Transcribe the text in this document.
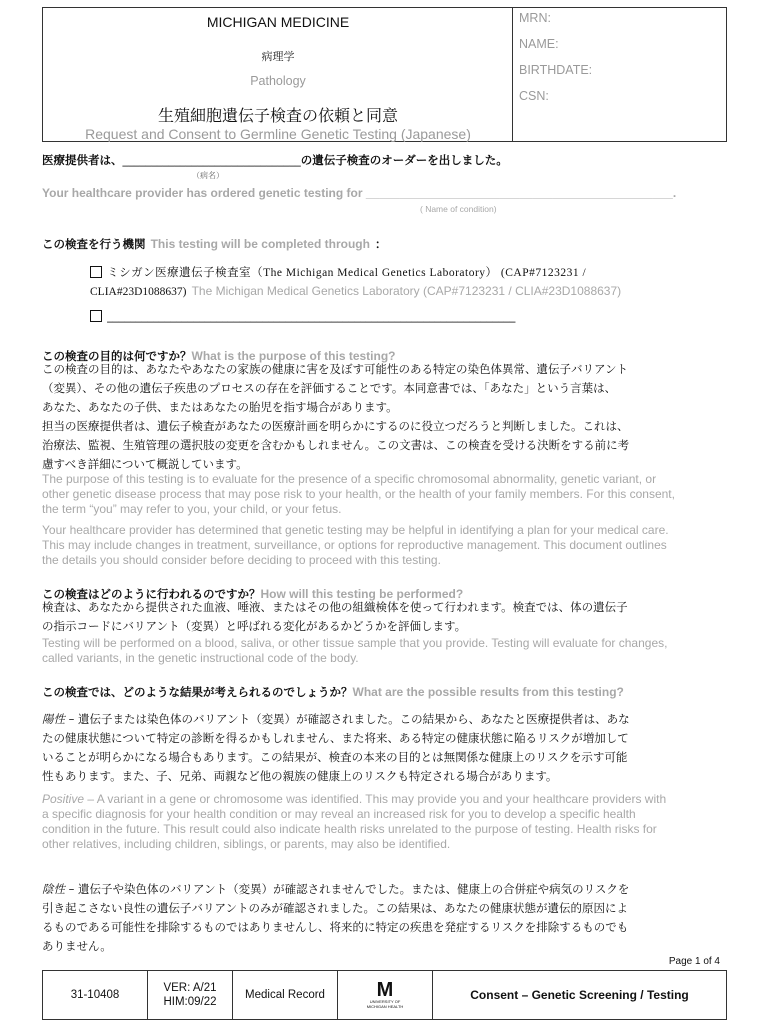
MICHIGAN MEDICINE
病理学
Pathology
生殖細胞遺伝子検査の依頼と同意
Request and Consent to Germline Genetic Testing (Japanese)
MRN:
NAME:
BIRTHDATE:
CSN:
医療提供者は、_______________________________の遺伝子検査のオーダーを出しました。
（病名）
Your healthcare provider has ordered genetic testing for ______________________________________________.
( Name of condition)
この検査を行う機関 This testing will be completed through ：
ミシガン医療遺伝子検査室（The Michigan Medical Genetics Laboratory） (CAP#7123231 /
CLIA#23D1088637) The Michigan Medical Genetics Laboratory (CAP#7123231 / CLIA#23D1088637)
_______________________________________________________________________
この検査の目的は何ですか？What is the purpose of this testing?
この検査の目的は、あなたやあなたの家族の健康に害を及ぼす可能性のある特定の染色体異常、遺伝子バリアント
（変異）、その他の遺伝子疾患のプロセスの存在を評価することです。本同意書では、「あなた」という言葉は、
あなた、あなたの子供、またはあなたの胎児を指す場合があります。
担当の医療提供者は、遺伝子検査があなたの医療計画を明らかにするのに役立つだろうと判断しました。これは、
治療法、監視、生殖管理の選択肢の変更を含むかもしれません。この文書は、この検査を受ける決断をする前に考
慮すべき詳細について概説しています。
The purpose of this testing is to evaluate for the presence of a specific chromosomal abnormality, genetic variant, or
other genetic disease process that may pose risk to your health, or the health of your family members. For this consent,
the term “you” may refer to you, your child, or your fetus.
Your healthcare provider has determined that genetic testing may be helpful in identifying a plan for your medical care.
This may include changes in treatment, surveillance, or options for reproductive management. This document outlines
the details you should consider before deciding to proceed with this testing.
この検査はどのように行われるのですか？How will this testing be performed?
検査は、あなたから提供された血液、唾液、またはその他の組織検体を使って行われます。検査では、体の遺伝子
の指示コードにバリアント（変異）と呼ばれる変化があるかどうかを評価します。
Testing will be performed on a blood, saliva, or other tissue sample that you provide. Testing will evaluate for changes,
called variants, in the genetic instructional code of the body.
この検査では、どのような結果が考えられるのでしょうか？What are the possible results from this testing?
陽性 – 遺伝子または染色体のバリアント（変異）が確認されました。この結果から、あなたと医療提供者は、あな
たの健康状態について特定の診断を得るかもしれません、また将来、ある特定の健康状態に陥るリスクが増加して
いることが明らかになる場合もあります。この結果が、検査の本来の目的とは無関係な健康上のリスクを示す可能
性もあります。また、子、兄弟、両親など他の親族の健康上のリスクも特定される場合があります。
Positive – A variant in a gene or chromosome was identified. This may provide you and your healthcare providers with
a specific diagnosis for your health condition or may reveal an increased risk for you to develop a specific health
condition in the future. This result could also indicate health risks unrelated to the purpose of testing. Health risks for
other relatives, including children, siblings, or parents, may also be identified.
陰性 – 遺伝子や染色体のバリアント（変異）が確認されませんでした。または、健康上の合併症や病気のリスクを
引き起こさない良性の遺伝子バリアントのみが確認されました。この結果は、あなたの健康状態が遺伝的原因によ
るものである可能性を排除するものではありませんし、将来的に特定の疾患を発症するリスクを排除するものでも
ありません。
Page 1 of 4
31-10408
VER: A/21
HIM:09/22
Medical Record	M
UNIVERSITY OF
MICHIGAN HEALTH
Consent – Genetic Screening / Testing
